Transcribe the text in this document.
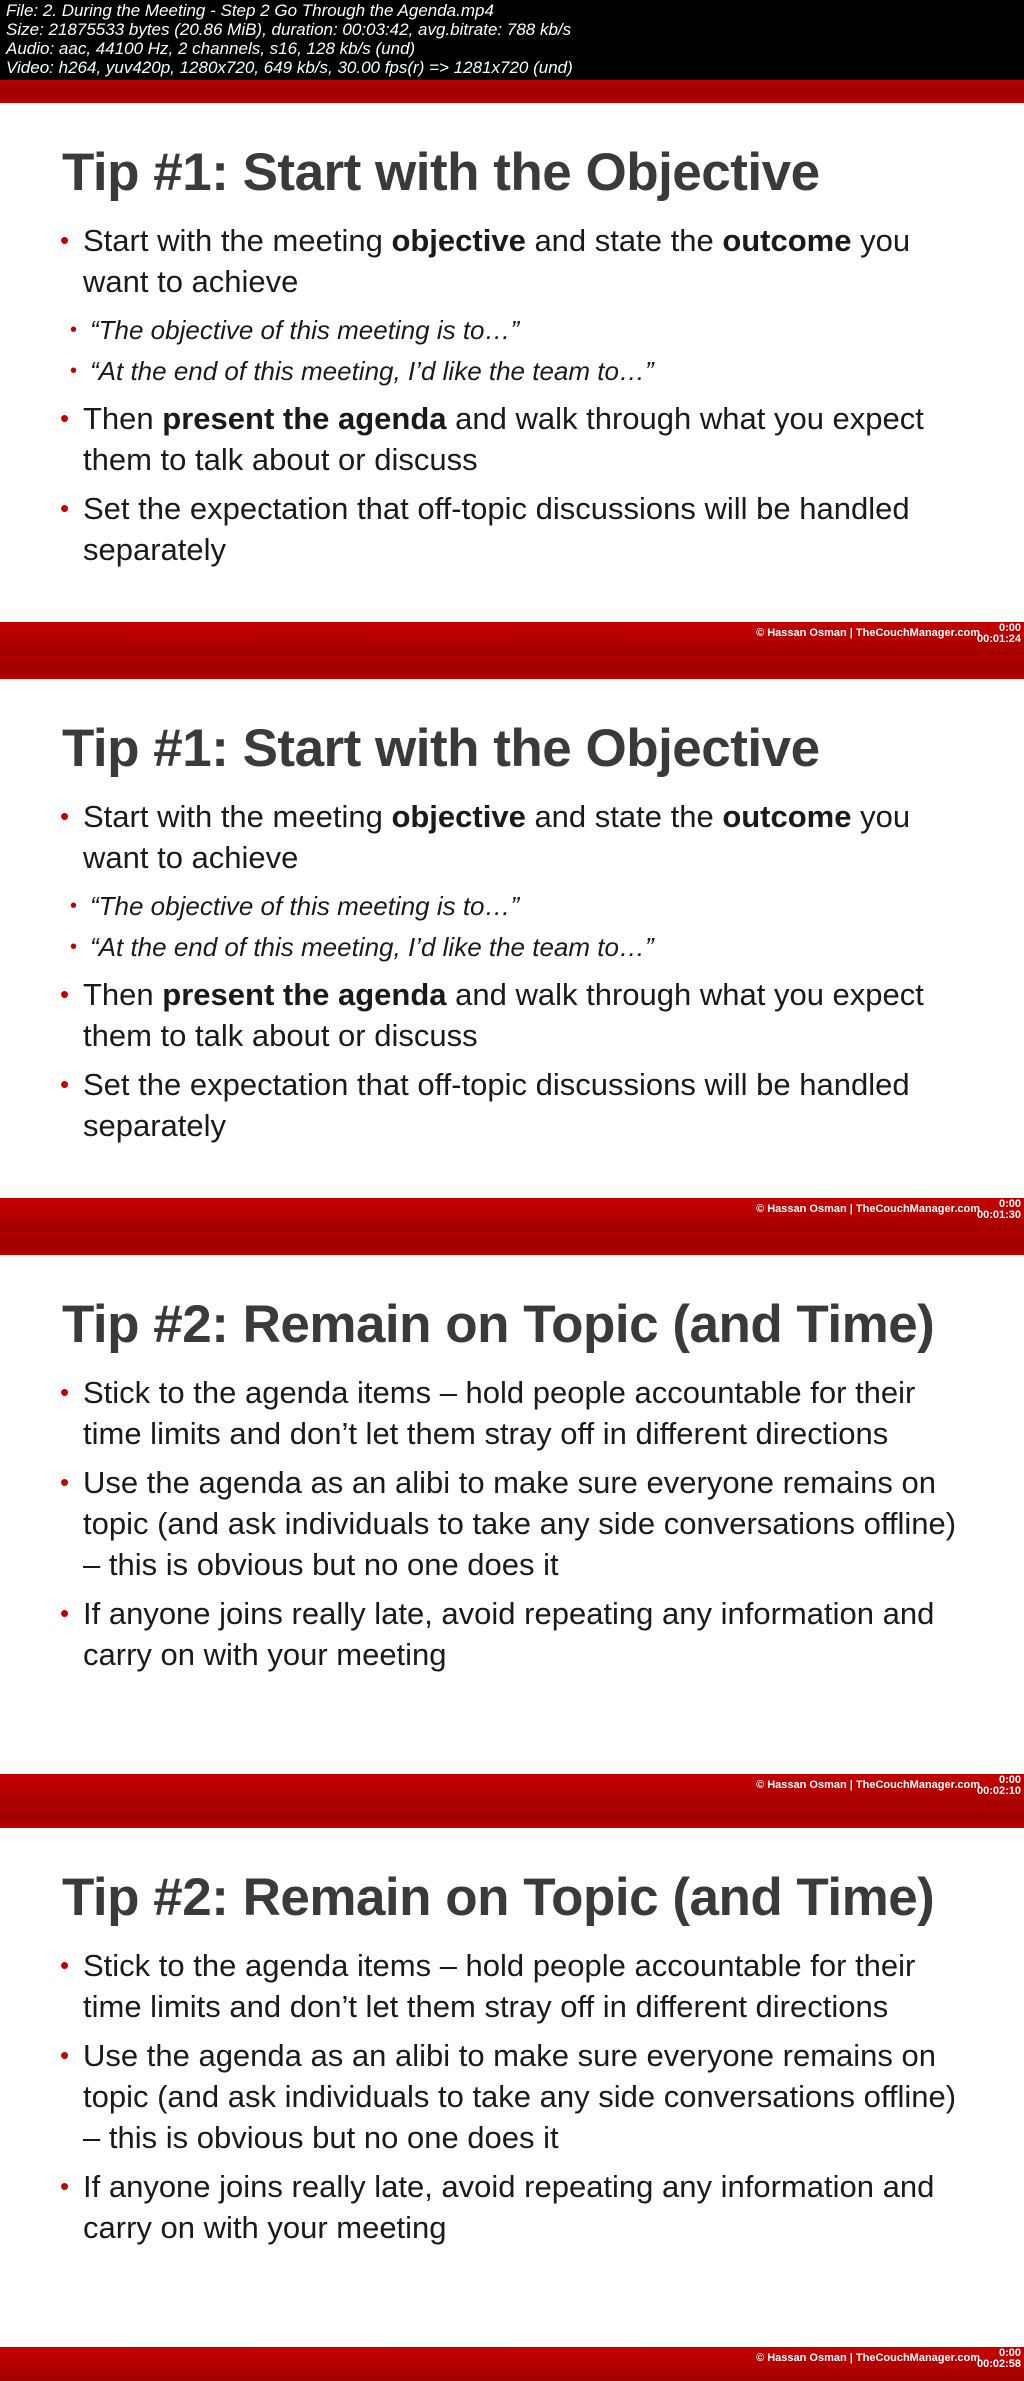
File: 2. During the Meeting - Step 2 Go Through the Agenda.mp4
Size: 21875533 bytes (20.86 MiB), duration: 00:03:42, avg.bitrate: 788 kb/s
Audio: aac, 44100 Hz, 2 channels, s16, 128 kb/s (und)
Video: h264, yuv420p, 1280x720, 649 kb/s, 30.00 fps(r) => 1281x720 (und)
Tip #1: Start with the Objective
• Start with the meeting objective and state the outcome you want to achieve
• “The objective of this meeting is to…”
• “At the end of this meeting, I’d like the team to…”
• Then present the agenda and walk through what you expect them to talk about or discuss
• Set the expectation that off-topic discussions will be handled separately
© Hassan Osman | TheCouchManager.com	0:00
00:01:24
Tip #1: Start with the Objective
• Start with the meeting objective and state the outcome you want to achieve
• “The objective of this meeting is to…”
• “At the end of this meeting, I’d like the team to…”
• Then present the agenda and walk through what you expect them to talk about or discuss
• Set the expectation that off-topic discussions will be handled separately
© Hassan Osman | TheCouchManager.com	0:00
00:01:30
Tip #2: Remain on Topic (and Time)
• Stick to the agenda items – hold people accountable for their time limits and don’t let them stray off in different directions
• Use the agenda as an alibi to make sure everyone remains on topic (and ask individuals to take any side conversations offline) – this is obvious but no one does it
• If anyone joins really late, avoid repeating any information and carry on with your meeting
© Hassan Osman | TheCouchManager.com	0:00
00:02:10
Tip #2: Remain on Topic (and Time)
• Stick to the agenda items – hold people accountable for their time limits and don’t let them stray off in different directions
• Use the agenda as an alibi to make sure everyone remains on topic (and ask individuals to take any side conversations offline) – this is obvious but no one does it
• If anyone joins really late, avoid repeating any information and carry on with your meeting
© Hassan Osman | TheCouchManager.com	0:00
00:02:58
